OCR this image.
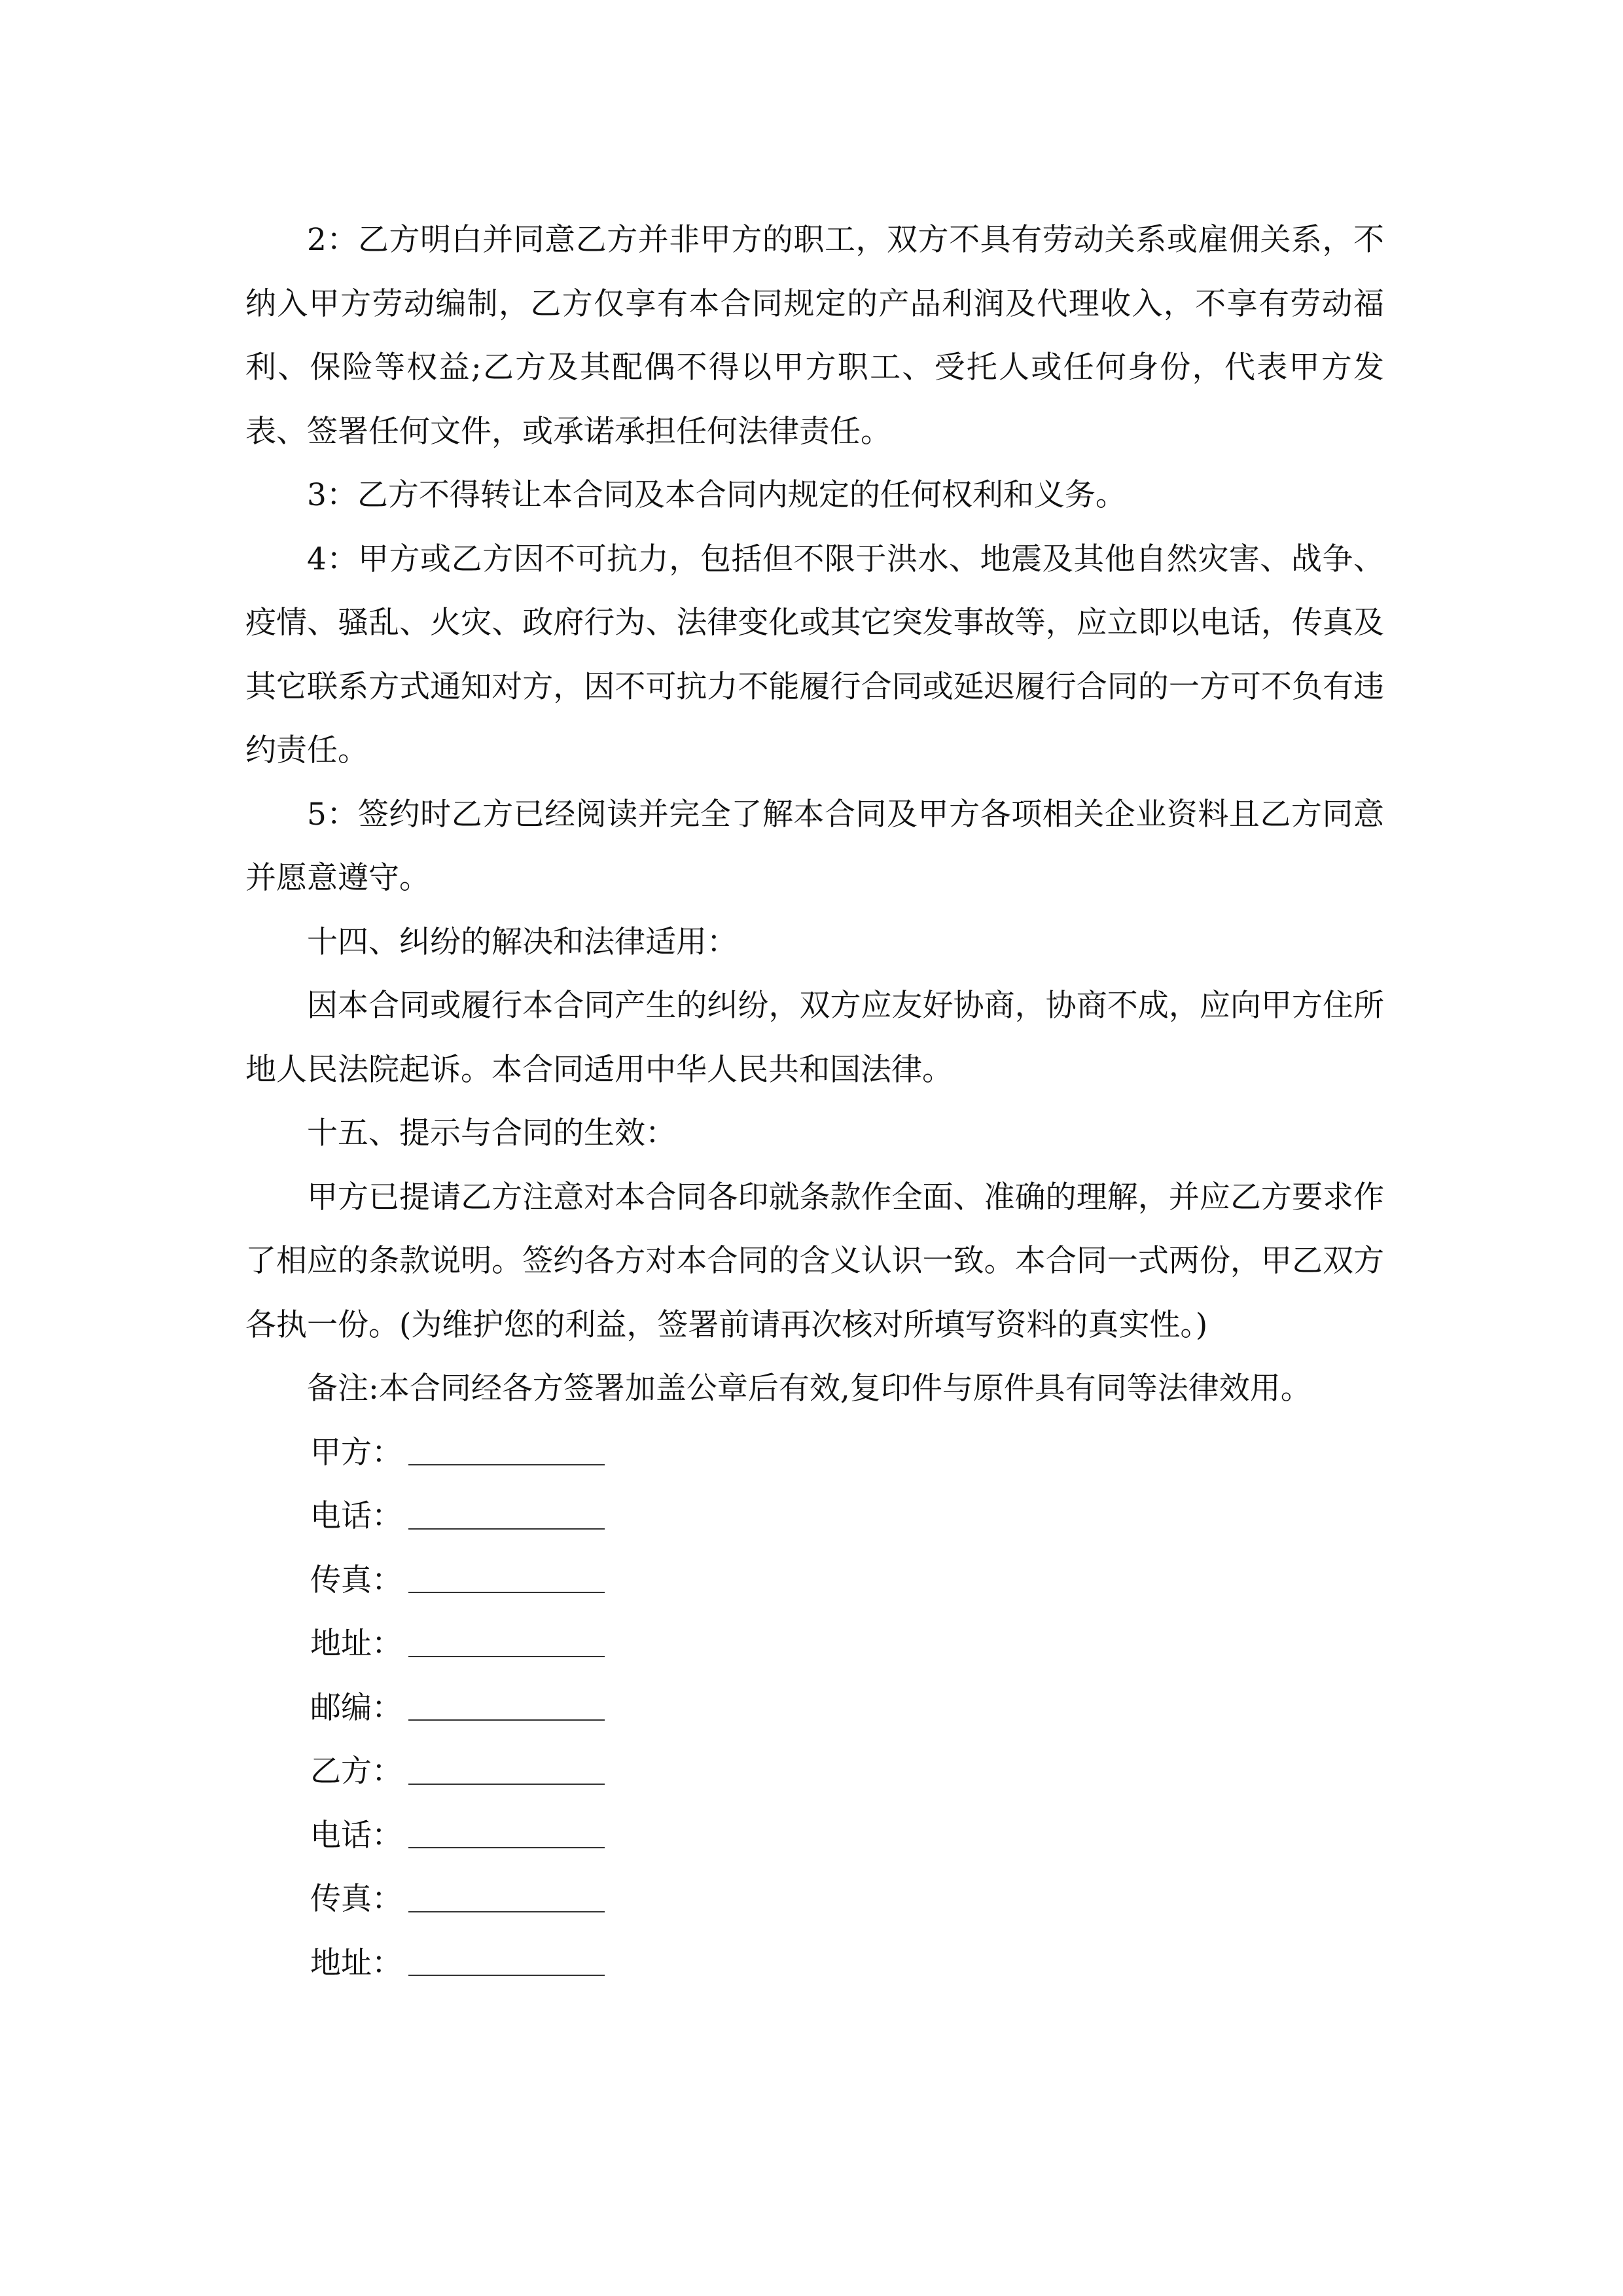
2：乙方明白并同意乙方并非甲方的职工，双方不具有劳动关系或雇佣关系，不纳入甲方劳动编制，乙方仅享有本合同规定的产品利润及代理收入，不享有劳动福利、保险等权益;乙方及其配偶不得以甲方职工、受托人或任何身份，代表甲方发表、签署任何文件，或承诺承担任何法律责任。

3：乙方不得转让本合同及本合同内规定的任何权利和义务。

4：甲方或乙方因不可抗力，包括但不限于洪水、地震及其他自然灾害、战争、疫情、骚乱、火灾、政府行为、法律变化或其它突发事故等，应立即以电话，传真及其它联系方式通知对方，因不可抗力不能履行合同或延迟履行合同的一方可不负有违约责任。

5：签约时乙方已经阅读并完全了解本合同及甲方各项相关企业资料且乙方同意并愿意遵守。

十四、纠纷的解决和法律适用：

因本合同或履行本合同产生的纠纷，双方应友好协商，协商不成，应向甲方住所地人民法院起诉。本合同适用中华人民共和国法律。

十五、提示与合同的生效：

甲方已提请乙方注意对本合同各印就条款作全面、准确的理解，并应乙方要求作了相应的条款说明。签约各方对本合同的含义认识一致。本合同一式两份，甲乙双方各执一份。(为维护您的利益，签署前请再次核对所填写资料的真实性。)

备注:本合同经各方签署加盖公章后有效,复印件与原件具有同等法律效用。

甲方：
电话：
传真：
地址：
邮编：
乙方：
电话：
传真：
地址：
